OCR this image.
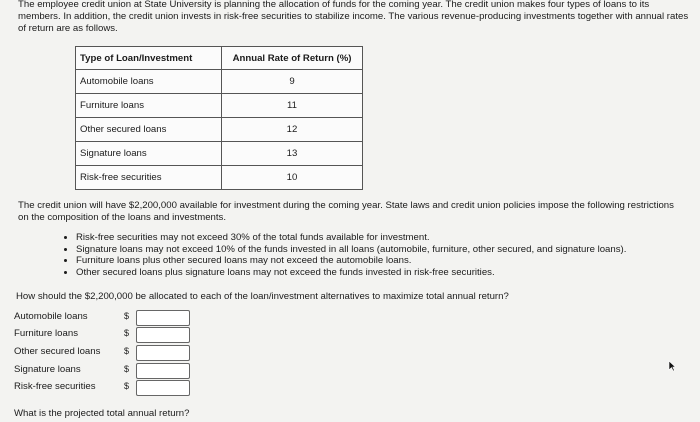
The employee credit union at State University is planning the allocation of funds for the coming year. The credit union makes four types of loans to its members. In addition, the credit union invests in risk-free securities to stabilize income. The various revenue-producing investments together with annual rates of return are as follows.
Type of Loan/Investment	Annual Rate of Return (%)
Automobile loans	9
Furniture loans	11
Other secured loans	12
Signature loans	13
Risk-free securities	10
The credit union will have $2,200,000 available for investment during the coming year. State laws and credit union policies impose the following restrictions on the composition of the loans and investments.
• Risk-free securities may not exceed 30% of the total funds available for investment.
• Signature loans may not exceed 10% of the funds invested in all loans (automobile, furniture, other secured, and signature loans).
• Furniture loans plus other secured loans may not exceed the automobile loans.
• Other secured loans plus signature loans may not exceed the funds invested in risk-free securities.
How should the $2,200,000 be allocated to each of the loan/investment alternatives to maximize total annual return?
Automobile loans	$
Furniture loans	$
Other secured loans	$
Signature loans	$
Risk-free securities	$
What is the projected total annual return?
